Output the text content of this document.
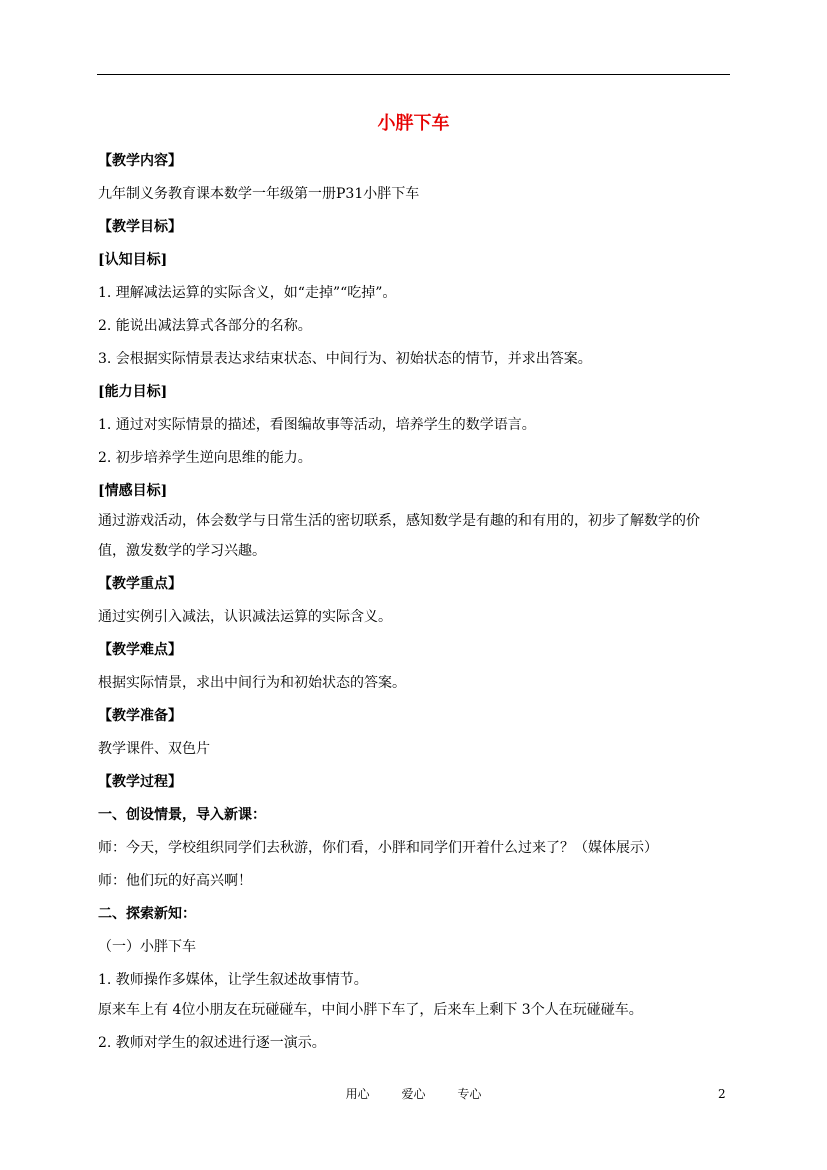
小胖下车
【教学内容】
九年制义务教育课本数学一年级第一册P31小胖下车
【教学目标】
[认知目标]
1. 理解减法运算的实际含义，如“走掉”“吃掉”。
2. 能说出减法算式各部分的名称。
3. 会根据实际情景表达求结束状态、中间行为、初始状态的情节，并求出答案。
[能力目标]
1. 通过对实际情景的描述，看图编故事等活动，培养学生的数学语言。
2. 初步培养学生逆向思维的能力。
[情感目标]
通过游戏活动，体会数学与日常生活的密切联系，感知数学是有趣的和有用的，初步了解数学的价
值，激发数学的学习兴趣。
【教学重点】
通过实例引入减法，认识减法运算的实际含义。
【教学难点】
根据实际情景，求出中间行为和初始状态的答案。
【教学准备】
教学课件、双色片
【教学过程】
一、创设情景，导入新课：
师：今天，学校组织同学们去秋游，你们看，小胖和同学们开着什么过来了？（媒体展示）
师：他们玩的好高兴啊！
二、探索新知：
（一）小胖下车
1. 教师操作多媒体，让学生叙述故事情节。
原来车上有 4位小朋友在玩碰碰车，中间小胖下车了，后来车上剩下 3个人在玩碰碰车。
2. 教师对学生的叙述进行逐一演示。
用心	爱心	专心	2
